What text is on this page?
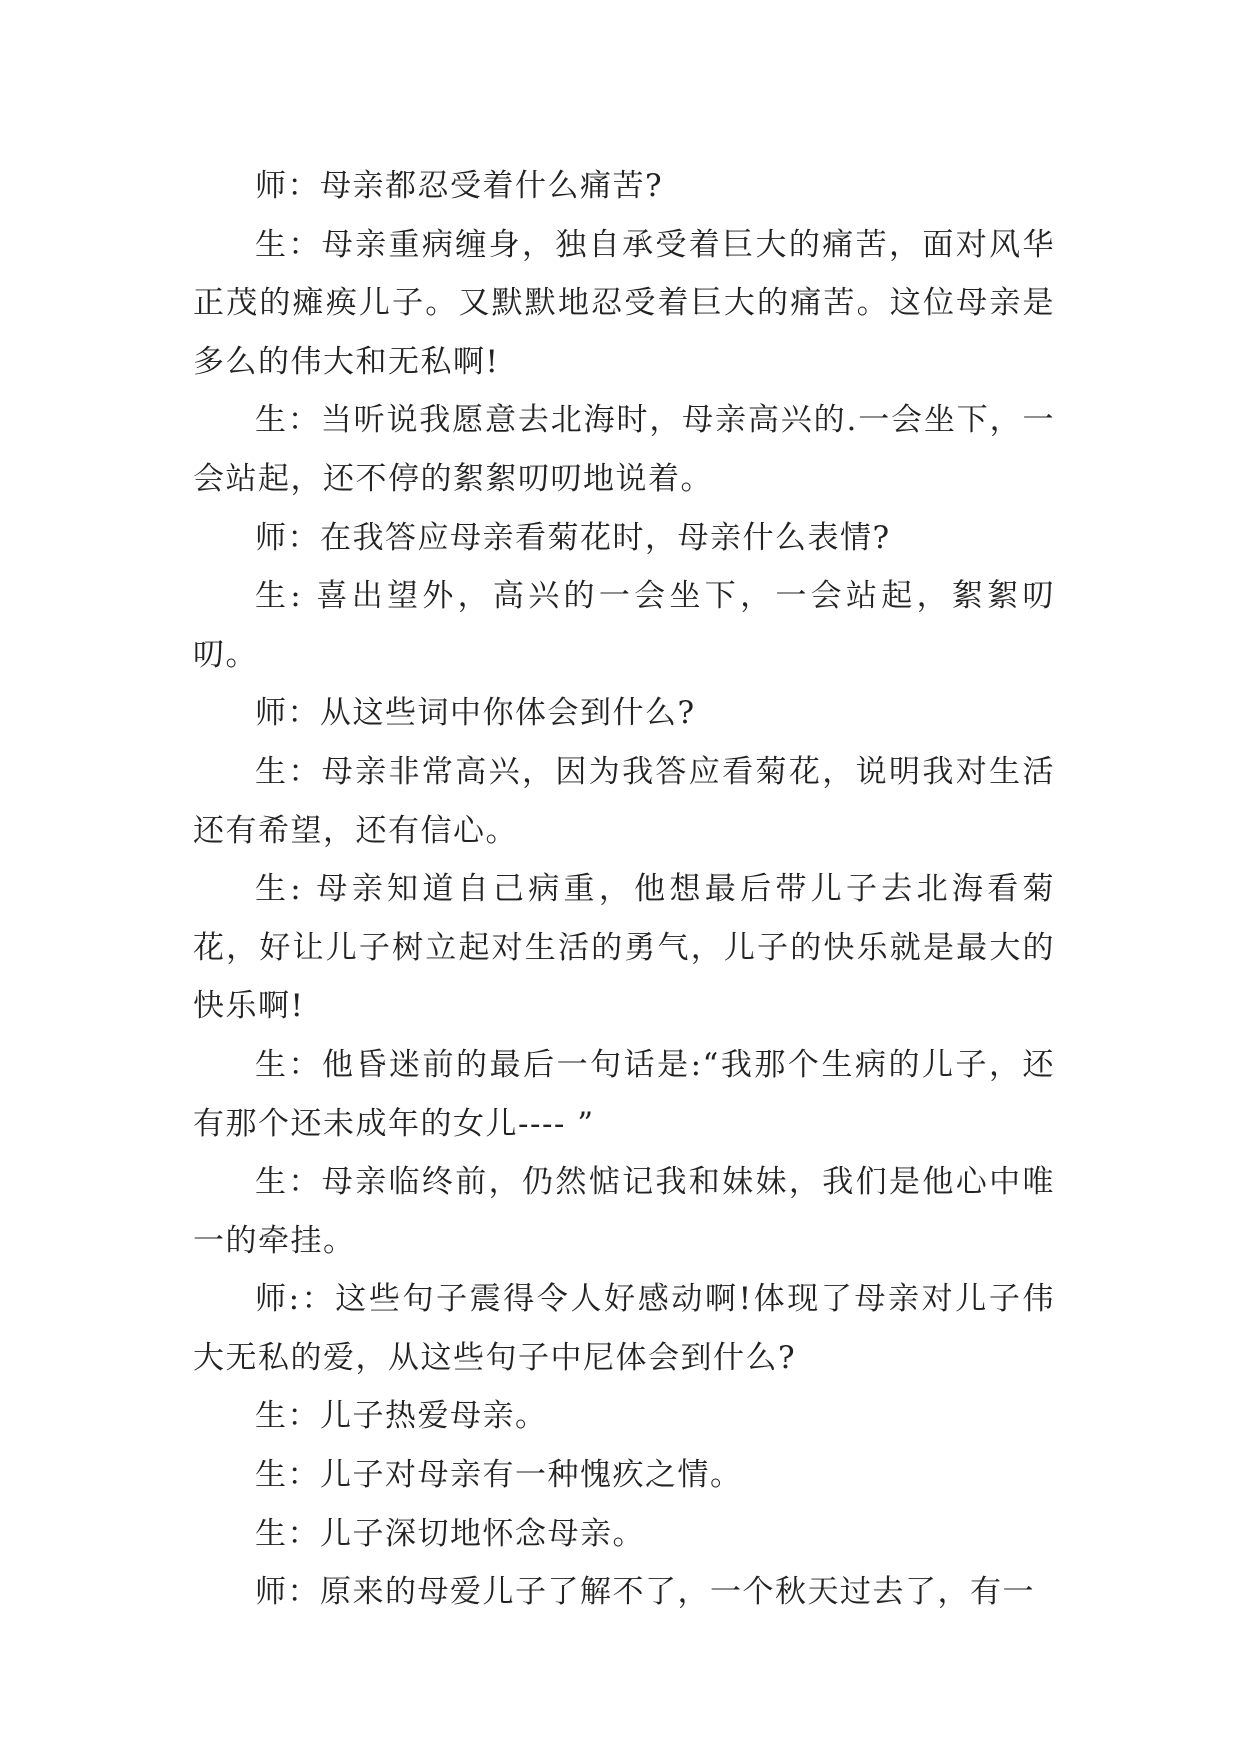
师：母亲都忍受着什么痛苦?

生：母亲重病缠身，独自承受着巨大的痛苦，面对风华正茂的瘫痪儿子。又默默地忍受着巨大的痛苦。这位母亲是多么的伟大和无私啊!

生：当听说我愿意去北海时，母亲高兴的.一会坐下，一会站起，还不停的絮絮叨叨地说着。

师：在我答应母亲看菊花时，母亲什么表情?

生: 喜出望外，高兴的一会坐下，一会站起，絮絮叨叨。

师：从这些词中你体会到什么?

生：母亲非常高兴，因为我答应看菊花，说明我对生活还有希望，还有信心。

生: 母亲知道自己病重，他想最后带儿子去北海看菊花，好让儿子树立起对生活的勇气，儿子的快乐就是最大的快乐啊!

生：他昏迷前的最后一句话是:“我那个生病的儿子，还有那个还未成年的女儿---- ”

生：母亲临终前，仍然惦记我和妹妹，我们是他心中唯一的牵挂。

师:：这些句子震得令人好感动啊!体现了母亲对儿子伟大无私的爱，从这些句子中尼体会到什么?

生：儿子热爱母亲。

生：儿子对母亲有一种愧疚之情。

生：儿子深切地怀念母亲。

师：原来的母爱儿子了解不了，一个秋天过去了，有一
